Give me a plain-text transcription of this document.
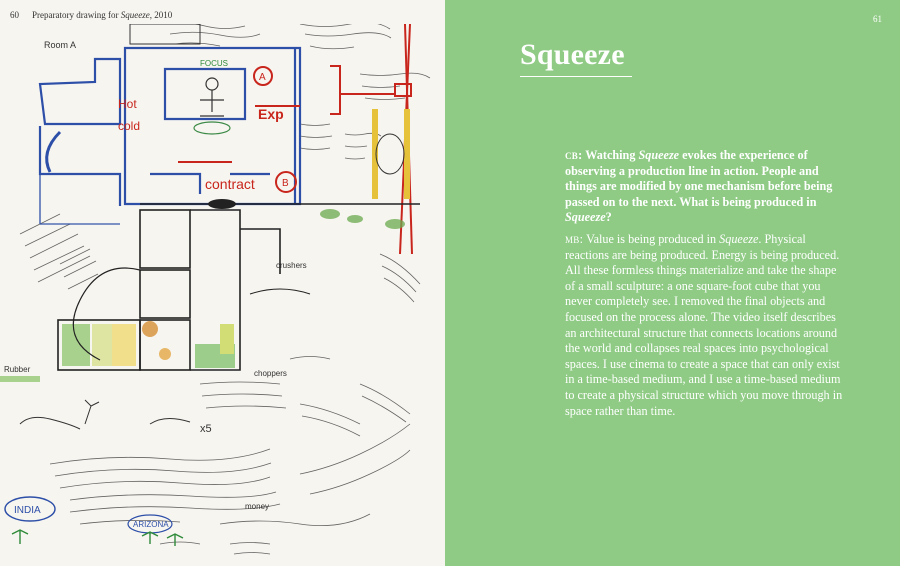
60 Preparatory drawing for Squeeze, 2010
Hot
cold
Exp
contract
A
B
FOCUS
Room A
crushers
choppers
Rubber
x5
INDIA
ARIZONA
money
61
Squeeze

cb: Watching Squeeze evokes the experience of observing a production line in action. People and things are modified by one mechanism before being passed on to the next. What is being produced in Squeeze?

mb: Value is being produced in Squeeze. Physical reactions are being produced. Energy is being produced. All these formless things materialize and take the shape of a small sculpture: a one square-foot cube that you never completely see. I removed the final objects and focused on the process alone. The video itself describes an architectural structure that connects locations around the world and collapses real spaces into psychological spaces. I use cinema to create a space that can only exist in a time-based medium, and I use a time-based medium to create a physical structure which you move through in space rather than time.
